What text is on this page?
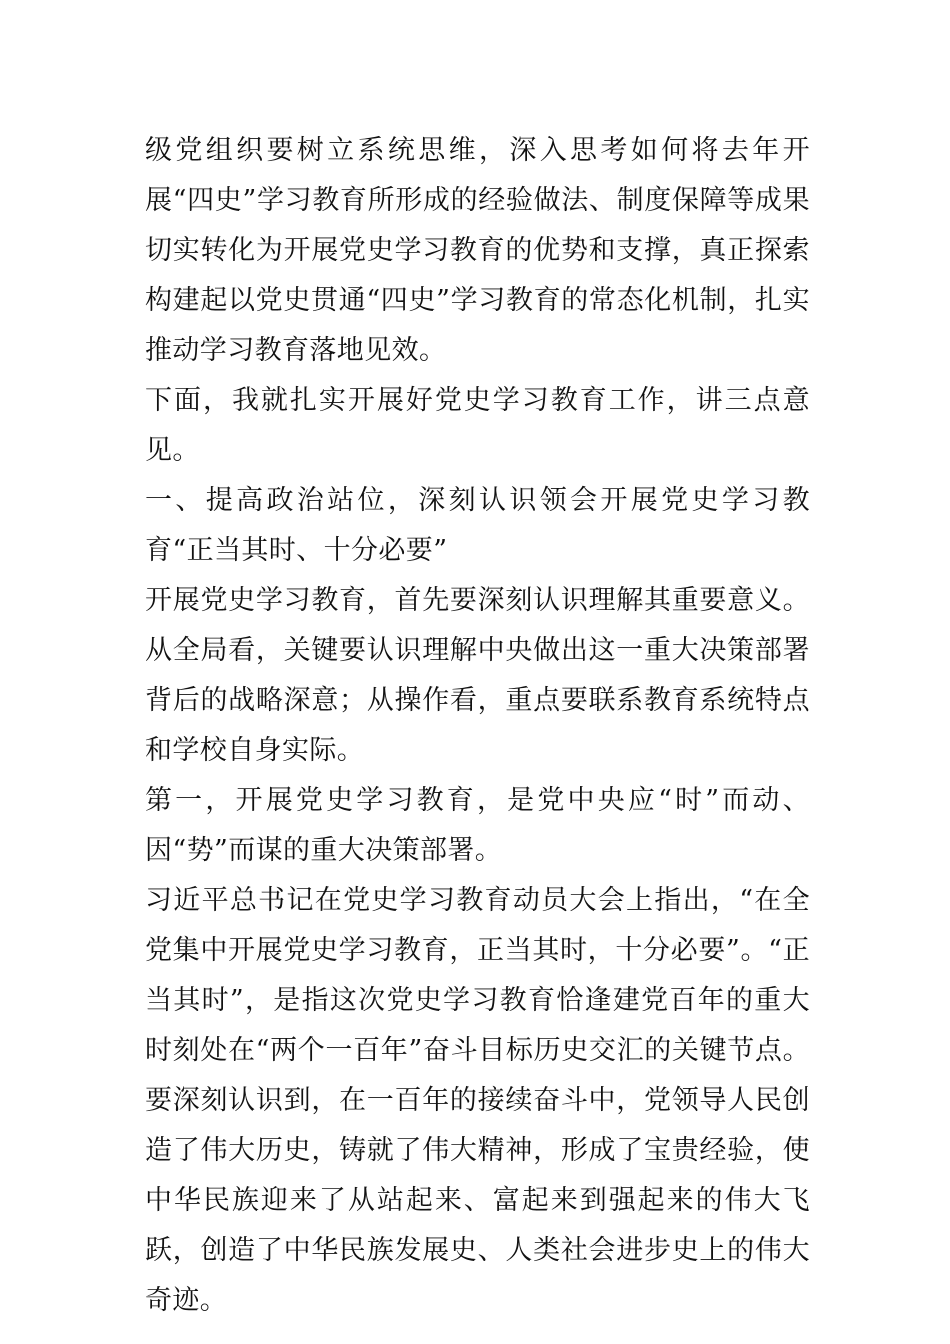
级党组织要树立系统思维，深入思考如何将去年开展“四史”学习教育所形成的经验做法、制度保障等成果切实转化为开展党史学习教育的优势和支撑，真正探索构建起以党史贯通“四史”学习教育的常态化机制，扎实推动学习教育落地见效。

下面，我就扎实开展好党史学习教育工作，讲三点意见。

一、提高政治站位，深刻认识领会开展党史学习教育“正当其时、十分必要”

开展党史学习教育，首先要深刻认识理解其重要意义。从全局看，关键要认识理解中央做出这一重大决策部署背后的战略深意；从操作看，重点要联系教育系统特点和学校自身实际。

第一，开展党史学习教育，是党中央应“时”而动、因“势”而谋的重大决策部署。

习近平总书记在党史学习教育动员大会上指出，“在全党集中开展党史学习教育，正当其时，十分必要”。“正当其时”，是指这次党史学习教育恰逢建党百年的重大时刻处在“两个一百年”奋斗目标历史交汇的关键节点。要深刻认识到，在一百年的接续奋斗中，党领导人民创造了伟大历史，铸就了伟大精神，形成了宝贵经验，使中华民族迎来了从站起来、富起来到强起来的伟大飞跃，创造了中华民族发展史、人类社会进步史上的伟大奇迹。
